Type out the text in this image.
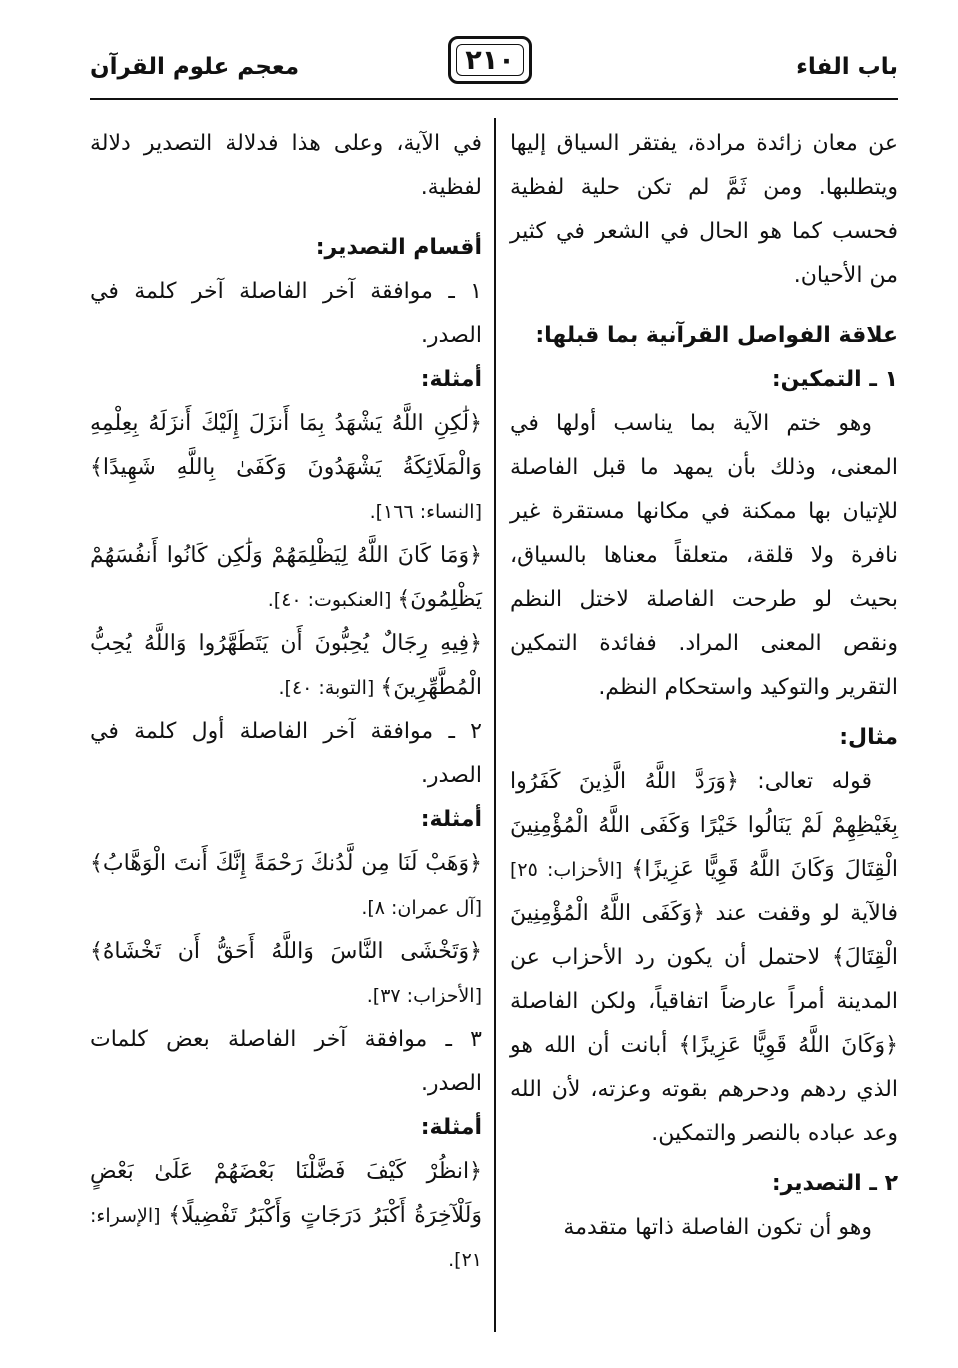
باب الفاء
٢١٠
معجم علوم القرآن

عن معان زائدة مرادة، يفتقر السياق إليها ويتطلبها. ومن ثَمَّ لم تكن حلية لفظية فحسب كما هو الحال في الشعر في كثير من الأحيان.

علاقة الفواصل القرآنية بما قبلها:

١ ـ التمكين:

وهو ختم الآية بما يناسب أولها في المعنى، وذلك بأن يمهد ما قبل الفاصلة للإتيان بها ممكنة في مكانها مستقرة غير نافرة ولا قلقة، متعلقاً معناها بالسياق، بحيث لو طرحت الفاصلة لاختل النظم ونقص المعنى المراد. ففائدة التمكين التقرير والتوكيد واستحكام النظم.

مثال:

قوله تعالى: ﴿وَرَدَّ اللَّهُ الَّذِينَ كَفَرُوا بِغَيْظِهِمْ لَمْ يَنَالُوا خَيْرًا وَكَفَى اللَّهُ الْمُؤْمِنِينَ الْقِتَالَ وَكَانَ اللَّهُ قَوِيًّا عَزِيزًا﴾ [الأحزاب: ٢٥] فالآية لو وقفت عند ﴿وَكَفَى اللَّهُ الْمُؤْمِنِينَ الْقِتَالَ﴾ لاحتمل أن يكون رد الأحزاب عن المدينة أمراً عارضاً اتفاقياً، ولكن الفاصلة ﴿وَكَانَ اللَّهُ قَوِيًّا عَزِيزًا﴾ أبانت أن الله هو الذي ردهم ودحرهم بقوته وعزته، لأن الله وعد عباده بالنصر والتمكين.

٢ ـ التصدير:

وهو أن تكون الفاصلة ذاتها متقدمة

في الآية، وعلى هذا فدلالة التصدير دلالة لفظية.

أقسام التصدير:

١ ـ موافقة آخر الفاصلة آخر كلمة في الصدر.

أمثلة:

﴿لَٰكِنِ اللَّهُ يَشْهَدُ بِمَا أَنزَلَ إِلَيْكَ أَنزَلَهُ بِعِلْمِهِ وَالْمَلَائِكَةُ يَشْهَدُونَ وَكَفَىٰ بِاللَّهِ شَهِيدًا﴾ [النساء: ١٦٦].

﴿وَمَا كَانَ اللَّهُ لِيَظْلِمَهُمْ وَلَٰكِن كَانُوا أَنفُسَهُمْ يَظْلِمُونَ﴾ [العنكبوت: ٤٠].

﴿فِيهِ رِجَالٌ يُحِبُّونَ أَن يَتَطَهَّرُوا وَاللَّهُ يُحِبُّ الْمُطَّهِّرِينَ﴾ [التوبة: ٤٠].

٢ ـ موافقة آخر الفاصلة أول كلمة في الصدر.

أمثلة:

﴿وَهَبْ لَنَا مِن لَّدُنكَ رَحْمَةً إِنَّكَ أَنتَ الْوَهَّابُ﴾ [آل عمران: ٨].

﴿وَتَخْشَى النَّاسَ وَاللَّهُ أَحَقُّ أَن تَخْشَاهُ﴾ [الأحزاب: ٣٧].

٣ ـ موافقة آخر الفاصلة بعض كلمات الصدر.

أمثلة:

﴿انظُرْ كَيْفَ فَضَّلْنَا بَعْضَهُمْ عَلَىٰ بَعْضٍ وَلَلْآخِرَةُ أَكْبَرُ دَرَجَاتٍ وَأَكْبَرُ تَفْضِيلًا﴾ [الإسراء: ٢١].
